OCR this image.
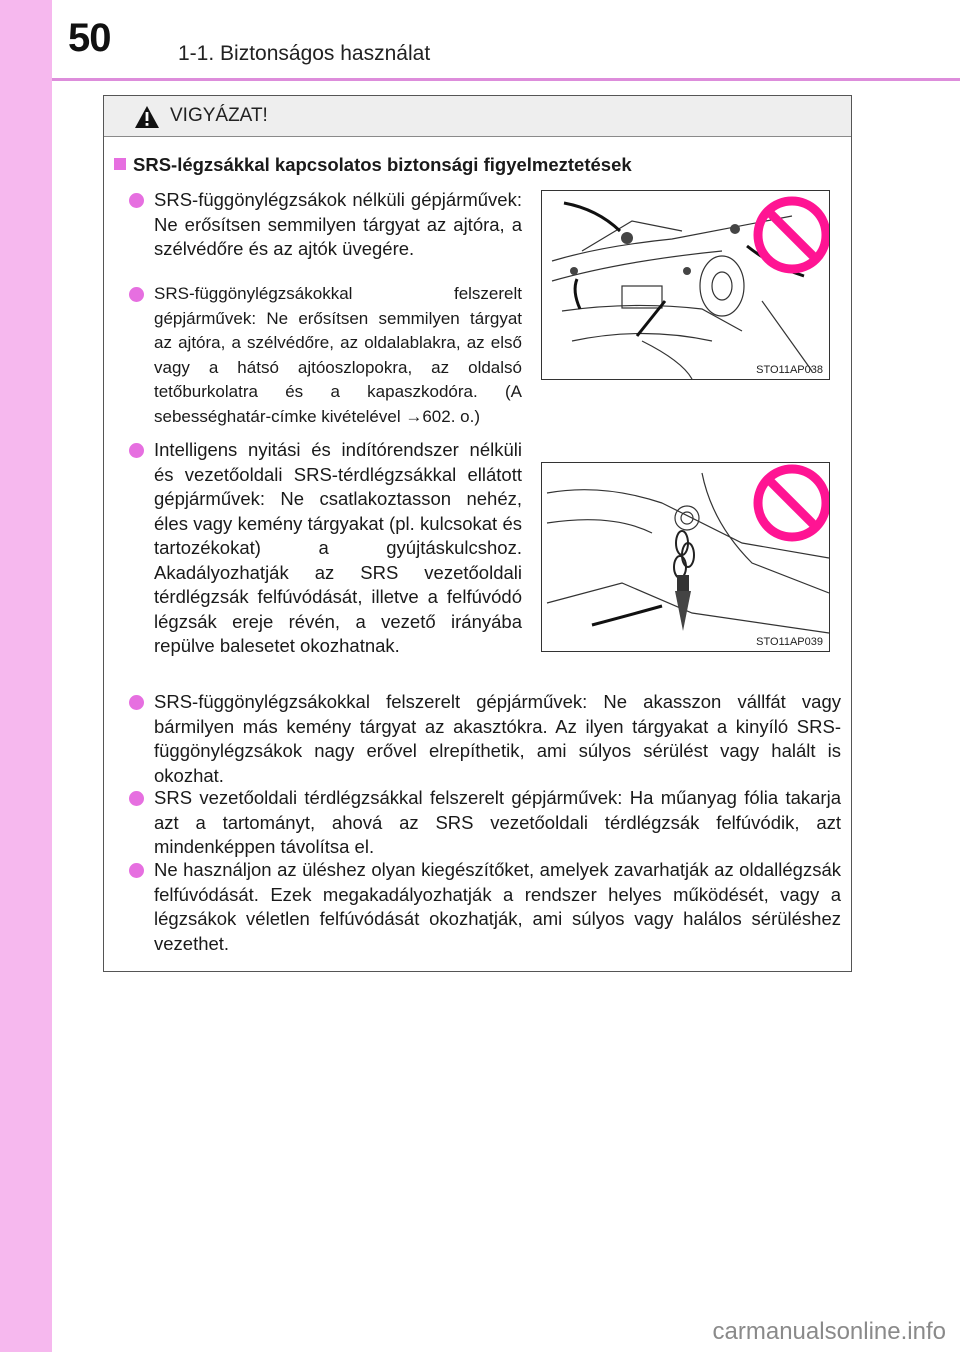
50	1-1. Biztonságos használat
VIGYÁZAT!
SRS-légzsákkal kapcsolatos biztonsági figyelmeztetések
SRS-függönylégzsákok nélküli gépjárművek: Ne erősítsen semmilyen tárgyat az ajtóra, a szélvédőre és az ajtók üvegére.
SRS-függönylégzsákokkal felszerelt gépjárművek: Ne erősítsen semmilyen tárgyat az ajtóra, a szélvédőre, az oldalablakra, az első vagy a hátsó ajtóoszlopokra, az oldalsó tetőburkolatra és a kapaszkodóra. (A sebességhatár-címke kivételével →602. o.)
STO11AP038
Intelligens nyitási és indítórendszer nélküli és vezetőoldali SRS-térdlégzsákkal ellátott gépjárművek: Ne csatlakoztasson nehéz, éles vagy kemény tárgyakat (pl. kulcsokat és tartozékokat) a gyújtáskulcshoz. Akadályozhatják az SRS vezetőoldali térdlégzsák felfúvódását, illetve a felfúvódó légzsák ereje révén, a vezető irányába repülve balesetet okozhatnak.	STO11AP039
SRS-függönylégzsákokkal felszerelt gépjárművek: Ne akasszon vállfát vagy bármilyen más kemény tárgyat az akasztókra. Az ilyen tárgyakat a kinyíló SRS-függönylégzsákok nagy erővel elrepíthetik, ami súlyos sérülést vagy halált is okozhat.
SRS vezetőoldali térdlégzsákkal felszerelt gépjárművek: Ha műanyag fólia takarja azt a tartományt, ahová az SRS vezetőoldali térdlégzsák felfúvódik, azt mindenképpen távolítsa el.
Ne használjon az üléshez olyan kiegészítőket, amelyek zavarhatják az oldallégzsák felfúvódását. Ezek megakadályozhatják a rendszer helyes működését, vagy a légzsákok véletlen felfúvódását okozhatják, ami súlyos vagy halálos sérüléshez vezethet.
carmanualsonline.info
